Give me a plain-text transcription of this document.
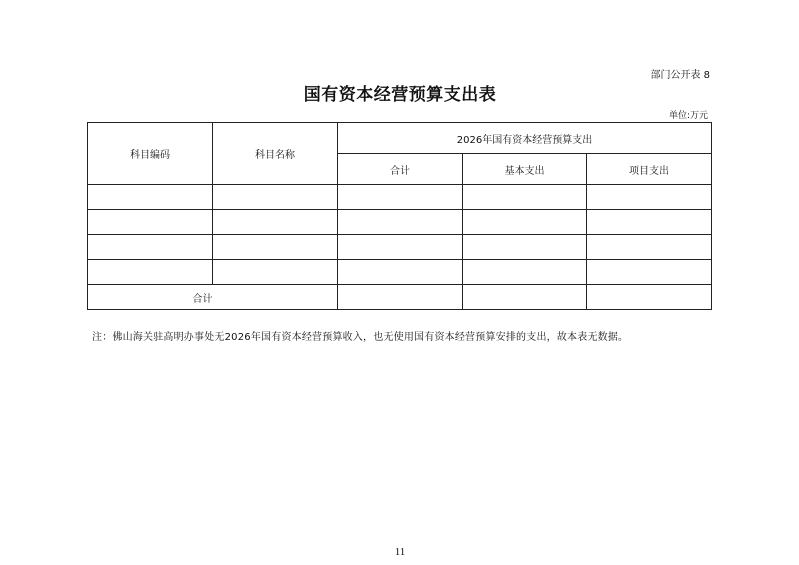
部门公开表 8
国有资本经营预算支出表
单位:万元
科目编码	科目名称	2026年国有资本经营预算支出		
		合计	基本支出	项目支出

合计				
注：佛山海关驻高明办事处无2026年国有资本经营预算收入，也无使用国有资本经营预算安排的支出，故本表无数据。
11
